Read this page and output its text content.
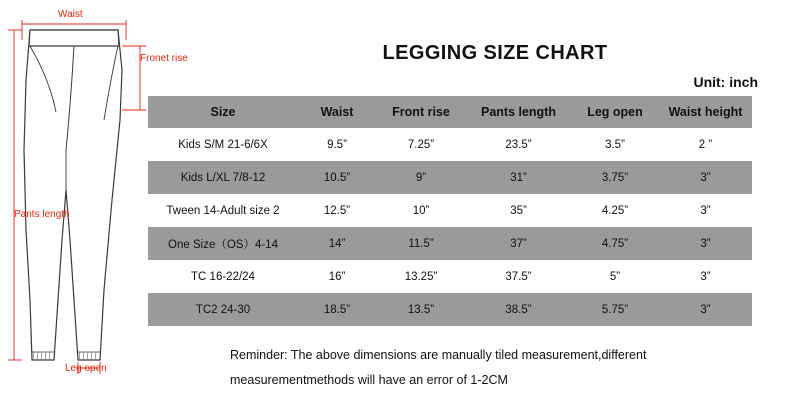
Waist
Fronet rise
Pants length
Leg open
LEGGING SIZE CHART
Unit: inch
Size	Waist	Front rise	Pants length	Leg open	Waist height
Kids S/M 21-6/6X	9.5”	7.25”	23.5”	3.5”	2 ”
Kids L/XL 7/8-12	10.5”	9”	31”	3.75”	3”
Tween 14-Adult size 2	12.5”	10”	35”	4.25”	3”
One Size（OS）4-14	14”	11.5”	37”	4.75”	3”
TC 16-22/24	16”	13.25”	37.5”	5”	3”
TC2 24-30	18.5”	13.5”	38.5”	5.75”	3”
Reminder: The above dimensions are manually tiled measurement,different
measurementmethods will have an error of 1-2CM
